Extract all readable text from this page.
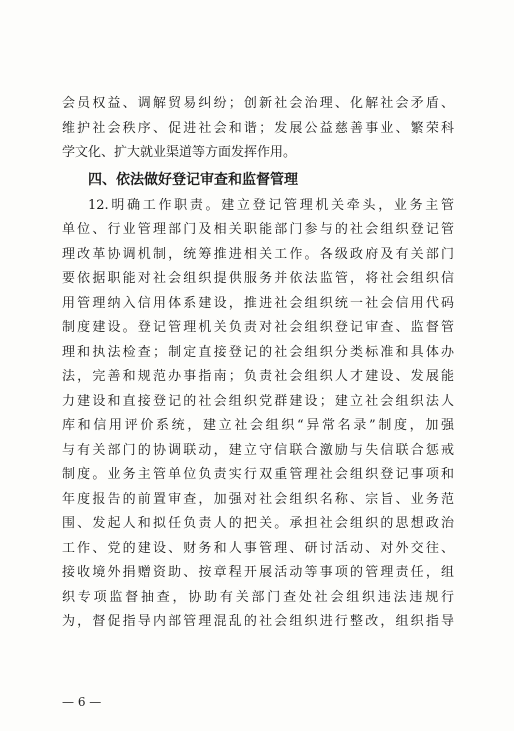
会员权益、调解贸易纠纷；创新社会治理、化解社会矛盾、
维护社会秩序、促进社会和谐；发展公益慈善事业、繁荣科
学文化、扩大就业渠道等方面发挥作用。
四、依法做好登记审查和监督管理
12.明确工作职责。建立登记管理机关牵头，业务主管
单位、行业管理部门及相关职能部门参与的社会组织登记管
理改革协调机制，统筹推进相关工作。各级政府及有关部门
要依据职能对社会组织提供服务并依法监管，将社会组织信
用管理纳入信用体系建设，推进社会组织统一社会信用代码
制度建设。登记管理机关负责对社会组织登记审查、监督管
理和执法检查；制定直接登记的社会组织分类标准和具体办
法，完善和规范办事指南；负责社会组织人才建设、发展能
力建设和直接登记的社会组织党群建设；建立社会组织法人
库和信用评价系统，建立社会组织“异常名录”制度，加强
与有关部门的协调联动，建立守信联合激励与失信联合惩戒
制度。业务主管单位负责实行双重管理社会组织登记事项和
年度报告的前置审查，加强对社会组织名称、宗旨、业务范
围、发起人和拟任负责人的把关。承担社会组织的思想政治
工作、党的建设、财务和人事管理、研讨活动、对外交往、
接收境外捐赠资助、按章程开展活动等事项的管理责任，组
织专项监督抽查，协助有关部门查处社会组织违法违规行
为，督促指导内部管理混乱的社会组织进行整改，组织指导
— 6 —
